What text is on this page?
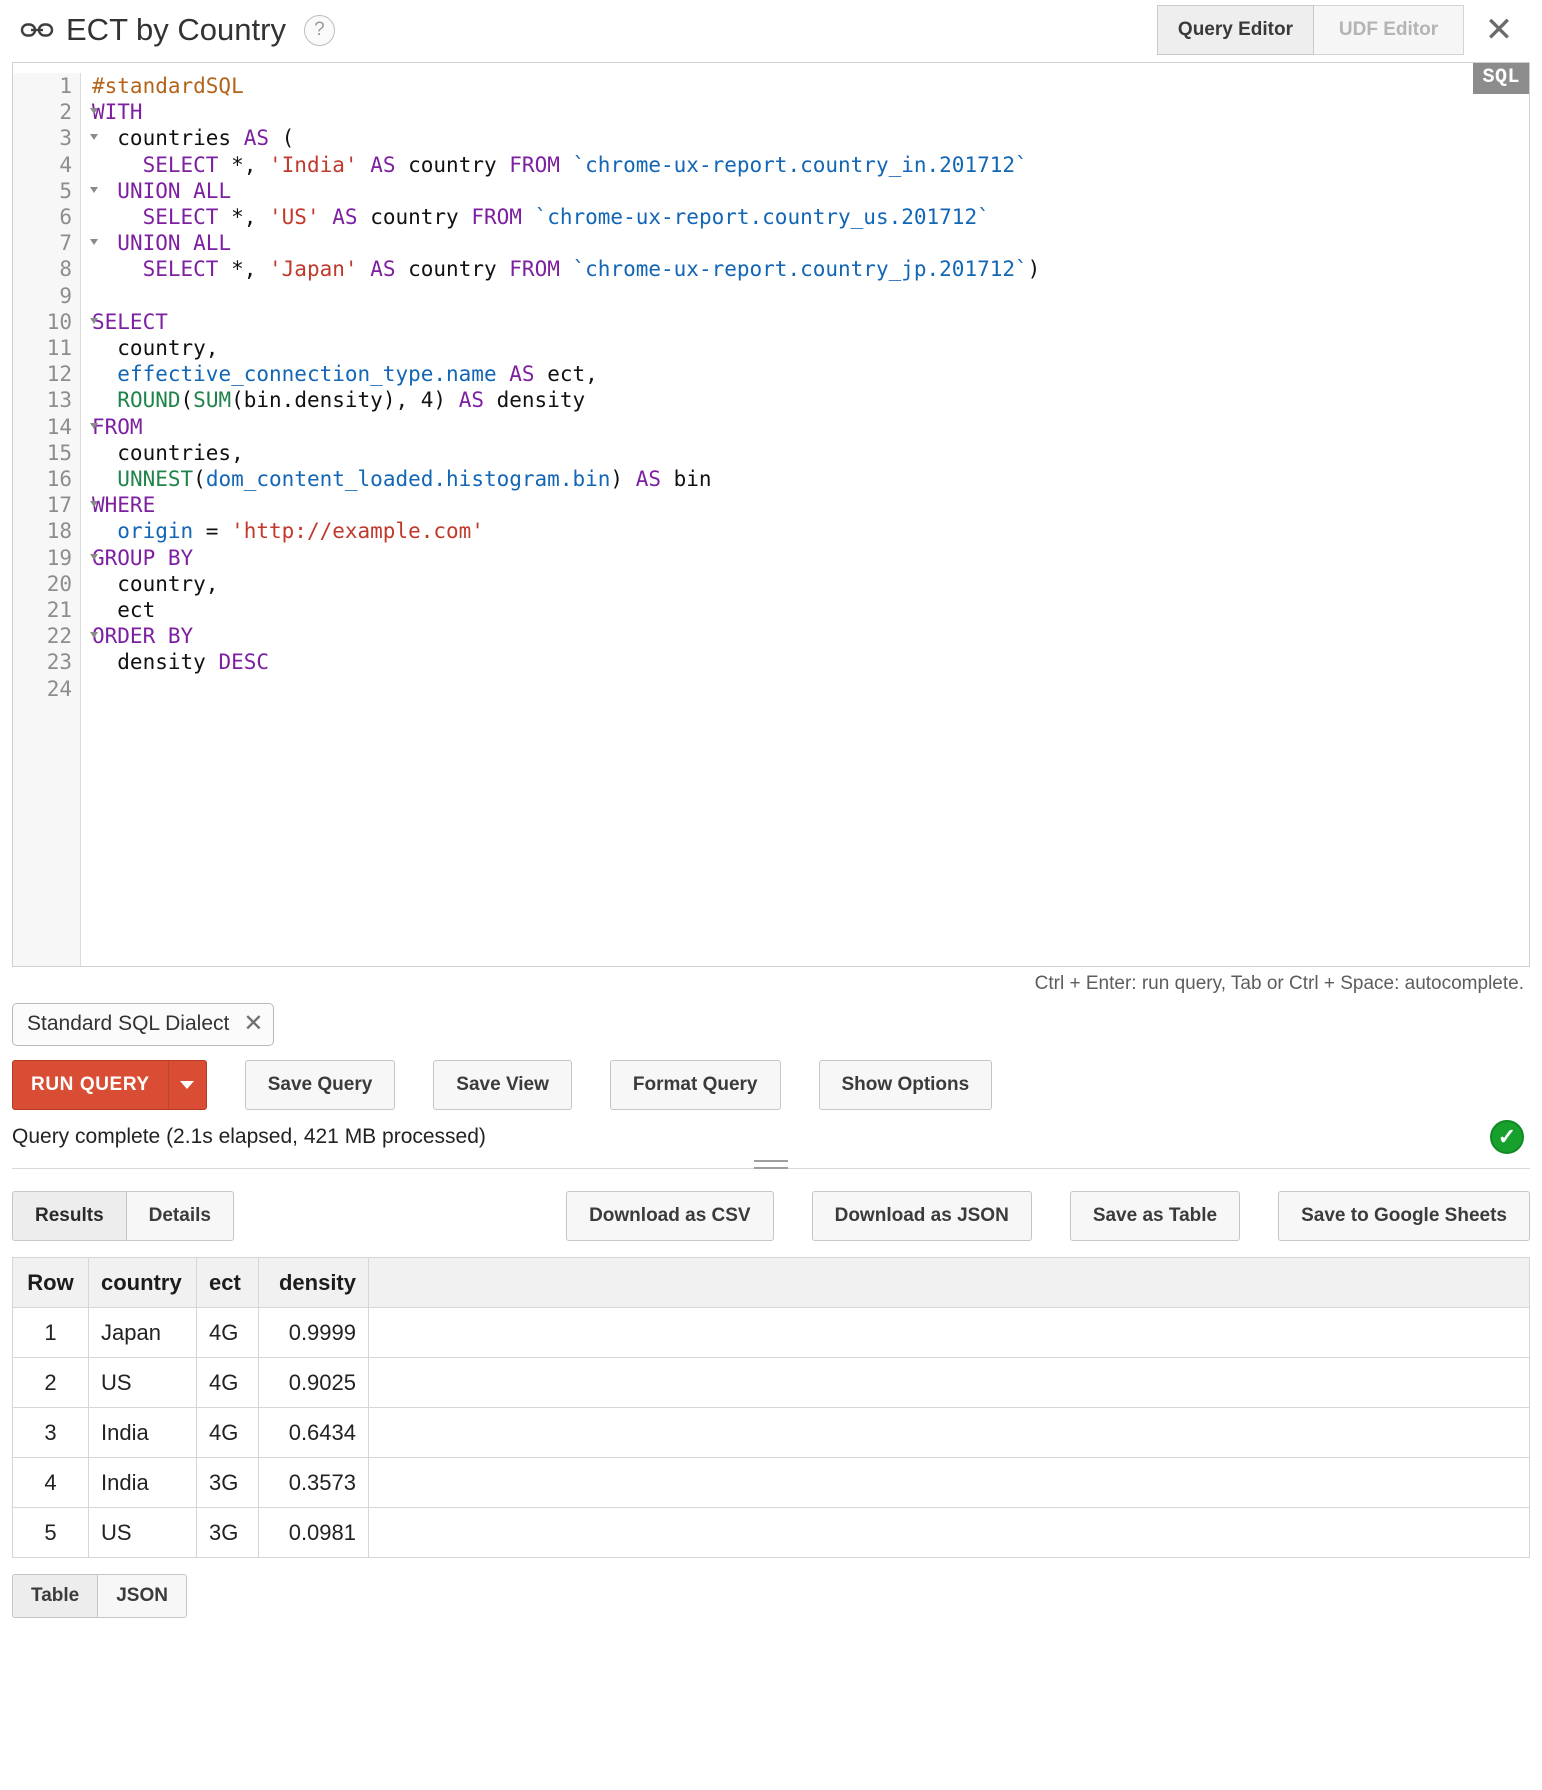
ECT by Country	?	Query Editor	UDF Editor	✕
SQL
1
2
3
4
5
6
7
8
9
10
11
12
13
14
15
16
17
18
19
20
21
22
23
24
#standardSQL
WITH
countries AS (
SELECT *, 'India' AS country FROM `chrome-ux-report.country_in.201712`
UNION ALL
SELECT *, 'US' AS country FROM `chrome-ux-report.country_us.201712`
UNION ALL
SELECT *, 'Japan' AS country FROM `chrome-ux-report.country_jp.201712`)

SELECT
country,
effective_connection_type.name AS ect,
ROUND(SUM(bin.density), 4) AS density
FROM
countries,
UNNEST(dom_content_loaded.histogram.bin) AS bin
WHERE
origin = 'http://example.com'
GROUP BY
country,
ect
ORDER BY
density DESC

Ctrl + Enter: run query, Tab or Ctrl + Space: autocomplete.
Standard SQL Dialect ✕
RUN QUERY	Save Query	Save View	Format Query	Show Options
Query complete (2.1s elapsed, 421 MB processed)	✓
Results	Details	Download as CSV	Download as JSON	Save as Table	Save to Google Sheets
Row	country	ect	density	
1	Japan	4G	0.9999	
2	US	4G	0.9025	
3	India	4G	0.6434	
4	India	3G	0.3573	
5	US	3G	0.0981	
Table	JSON
